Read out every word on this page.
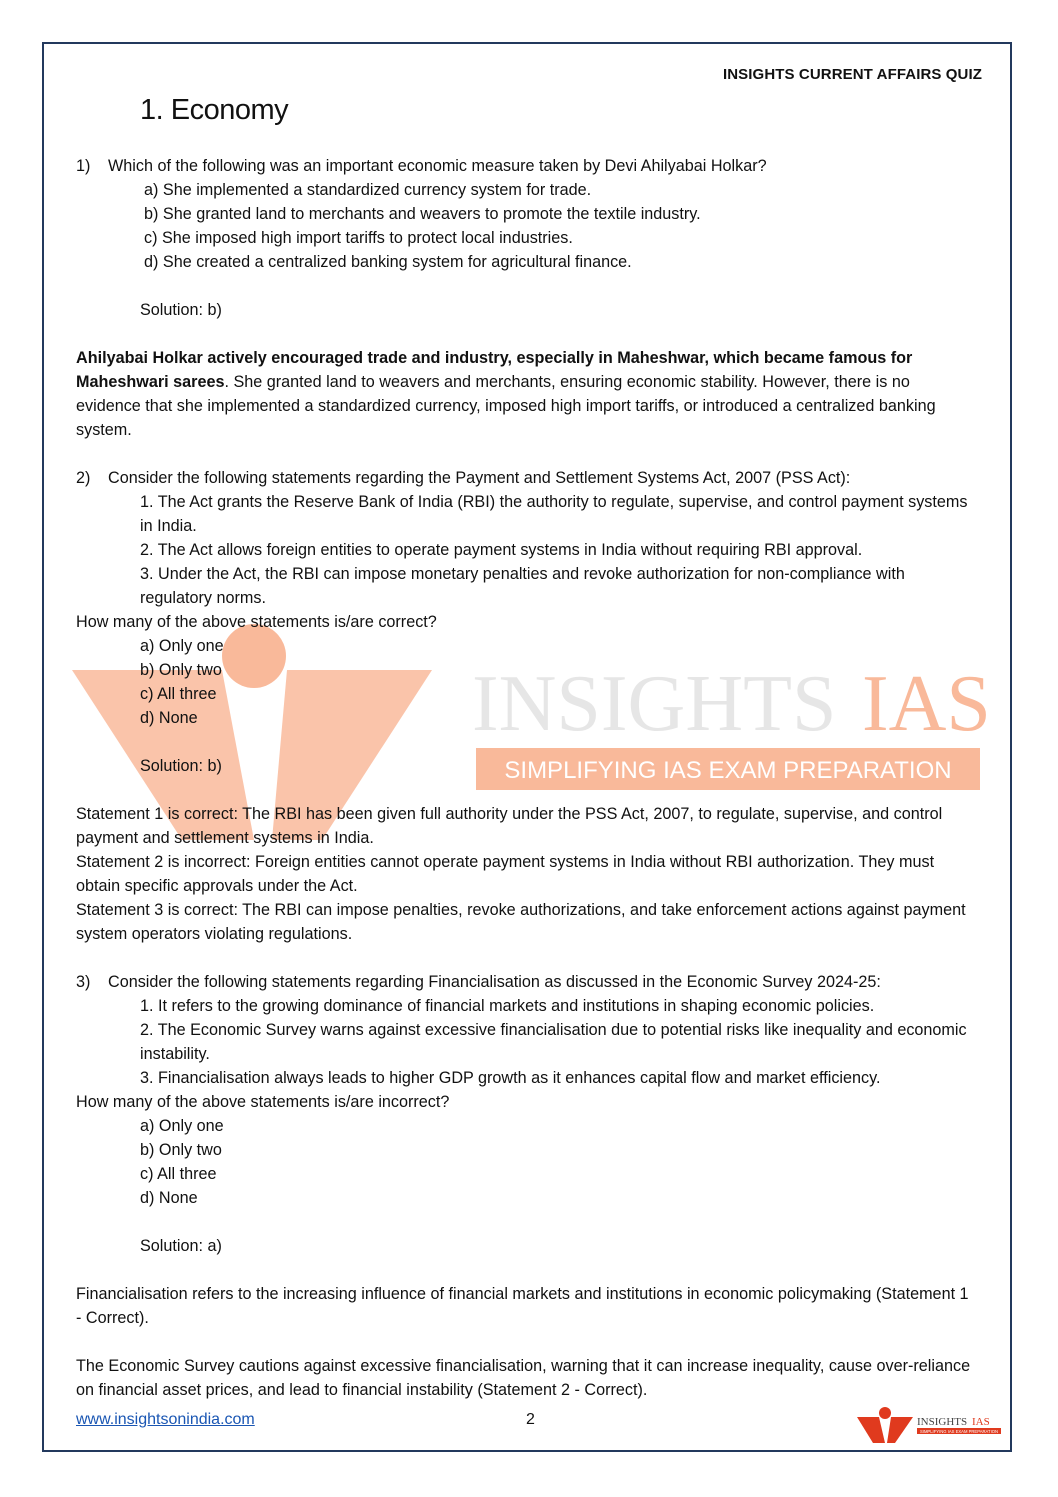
INSIGHTS IAS
SIMPLIFYING IAS EXAM PREPARATION
INSIGHTS CURRENT AFFAIRS QUIZ
1. Economy
1)	Which of the following was an important economic measure taken by Devi Ahilyabai Holkar?
a) She implemented a standardized currency system for trade.
b) She granted land to merchants and weavers to promote the textile industry.
c) She imposed high import tariffs to protect local industries.
d) She created a centralized banking system for agricultural finance.
Solution: b)
Ahilyabai Holkar actively encouraged trade and industry, especially in Maheshwar, which became famous for Maheshwari sarees. She granted land to weavers and merchants, ensuring economic stability. However, there is no evidence that she implemented a standardized currency, imposed high import tariffs, or introduced a centralized banking system.
2)	Consider the following statements regarding the Payment and Settlement Systems Act, 2007 (PSS Act):
1. The Act grants the Reserve Bank of India (RBI) the authority to regulate, supervise, and control payment systems in India.
2. The Act allows foreign entities to operate payment systems in India without requiring RBI approval.
3. Under the Act, the RBI can impose monetary penalties and revoke authorization for non-compliance with regulatory norms.
How many of the above statements is/are correct?
a) Only one
b) Only two
c) All three
d) None
Solution: b)
Statement 1 is correct: The RBI has been given full authority under the PSS Act, 2007, to regulate, supervise, and control payment and settlement systems in India.
Statement 2 is incorrect: Foreign entities cannot operate payment systems in India without RBI authorization. They must obtain specific approvals under the Act.
Statement 3 is correct: The RBI can impose penalties, revoke authorizations, and take enforcement actions against payment system operators violating regulations.
3)	Consider the following statements regarding Financialisation as discussed in the Economic Survey 2024-25:
1. It refers to the growing dominance of financial markets and institutions in shaping economic policies.
2. The Economic Survey warns against excessive financialisation due to potential risks like inequality and economic instability.
3. Financialisation always leads to higher GDP growth as it enhances capital flow and market efficiency.
How many of the above statements is/are incorrect?
a) Only one
b) Only two
c) All three
d) None
Solution: a)
Financialisation refers to the increasing influence of financial markets and institutions in economic policymaking (Statement 1 - Correct).
The Economic Survey cautions against excessive financialisation, warning that it can increase inequality, cause over-reliance on financial asset prices, and lead to financial instability (Statement 2 - Correct).
www.insightsonindia.com	2	INSIGHTS IAS
SIMPLIFYING IAS EXAM PREPARATION
